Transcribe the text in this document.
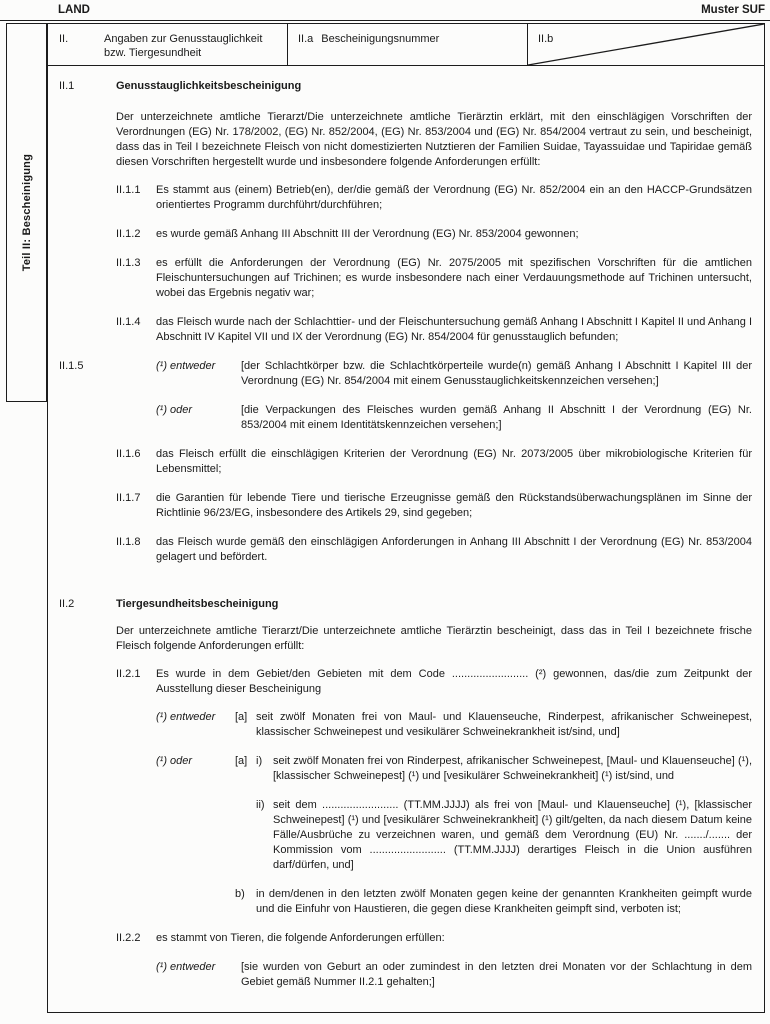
LAND	Muster SUF
Teil II: Bescheinigung
II.	Angaben zur Genusstauglichkeit bzw. Tiergesundheit
II.a Bescheinigungsnummer	II.b
II.1	Genusstauglichkeitsbescheinigung
Der unterzeichnete amtliche Tierarzt/Die unterzeichnete amtliche Tierärztin erklärt, mit den einschlägigen Vorschriften der Verordnungen (EG) Nr. 178/2002, (EG) Nr. 852/2004, (EG) Nr. 853/2004 und (EG) Nr. 854/2004 vertraut zu sein, und bescheinigt, dass das in Teil I bezeichnete Fleisch von nicht domestizierten Nutztieren der Familien Suidae, Tayassuidae und Tapiridae gemäß diesen Vorschriften hergestellt wurde und insbesondere folgende Anforderungen erfüllt:
II.1.1	Es stammt aus (einem) Betrieb(en), der/die gemäß der Verordnung (EG) Nr. 852/2004 ein an den HACCP-Grundsätzen orientiertes Programm durchführt/durchführen;
II.1.2	es wurde gemäß Anhang III Abschnitt III der Verordnung (EG) Nr. 853/2004 gewonnen;
II.1.3	es erfüllt die Anforderungen der Verordnung (EG) Nr. 2075/2005 mit spezifischen Vorschriften für die amtlichen Fleischuntersuchungen auf Trichinen; es wurde insbesondere nach einer Verdauungsmethode auf Trichinen untersucht, wobei das Ergebnis negativ war;
II.1.4	das Fleisch wurde nach der Schlachttier- und der Fleischuntersuchung gemäß Anhang I Abschnitt I Kapitel II und Anhang I Abschnitt IV Kapitel VII und IX der Verordnung (EG) Nr. 854/2004 für genusstauglich befunden;
II.1.5	(¹) entweder	[der Schlachtkörper bzw. die Schlachtkörperteile wurde(n) gemäß Anhang I Abschnitt I Kapitel III der Verordnung (EG) Nr. 854/2004 mit einem Genusstauglichkeitskennzeichen versehen;]
(¹) oder	[die Verpackungen des Fleisches wurden gemäß Anhang II Abschnitt I der Verordnung (EG) Nr. 853/2004 mit einem Identitätskennzeichen versehen;]
II.1.6	das Fleisch erfüllt die einschlägigen Kriterien der Verordnung (EG) Nr. 2073/2005 über mikrobiologische Kriterien für Lebensmittel;
II.1.7	die Garantien für lebende Tiere und tierische Erzeugnisse gemäß den Rückstandsüberwachungsplänen im Sinne der Richtlinie 96/23/EG, insbesondere des Artikels 29, sind gegeben;
II.1.8	das Fleisch wurde gemäß den einschlägigen Anforderungen in Anhang III Abschnitt I der Verordnung (EG) Nr. 853/2004 gelagert und befördert.
II.2	Tiergesundheitsbescheinigung
Der unterzeichnete amtliche Tierarzt/Die unterzeichnete amtliche Tierärztin bescheinigt, dass das in Teil I bezeichnete frische Fleisch folgende Anforderungen erfüllt:
II.2.1	Es wurde in dem Gebiet/den Gebieten mit dem Code ......................... (²) gewonnen, das/die zum Zeitpunkt der Ausstellung dieser Bescheinigung
(¹) entweder	[a] seit zwölf Monaten frei von Maul- und Klauenseuche, Rinderpest, afrikanischer Schweinepest, klassischer Schweinepest und vesikulärer Schweinekrankheit ist/sind, und]
(¹) oder	[a] i) seit zwölf Monaten frei von Rinderpest, afrikanischer Schweinepest, [Maul- und Klauenseuche] (¹), [klassischer Schweinepest] (¹) und [vesikulärer Schweinekrankheit] (¹) ist/sind, und
ii) seit dem ......................... (TT.MM.JJJJ) als frei von [Maul- und Klauenseuche] (¹), [klassischer Schweinepest] (¹) und [vesikulärer Schweinekrankheit] (¹) gilt/gelten, da nach diesem Datum keine Fälle/Ausbrüche zu verzeichnen waren, und gemäß dem Verordnung (EU) Nr. ......./....... der Kommission vom ......................... (TT.MM.JJJJ) derartiges Fleisch in die Union ausführen darf/dürfen, und]
b)	in dem/denen in den letzten zwölf Monaten gegen keine der genannten Krankheiten geimpft wurde und die Einfuhr von Haustieren, die gegen diese Krankheiten geimpft sind, verboten ist;
II.2.2	es stammt von Tieren, die folgende Anforderungen erfüllen:
(¹) entweder	[sie wurden von Geburt an oder zumindest in den letzten drei Monaten vor der Schlachtung in dem Gebiet gemäß Nummer II.2.1 gehalten;]
